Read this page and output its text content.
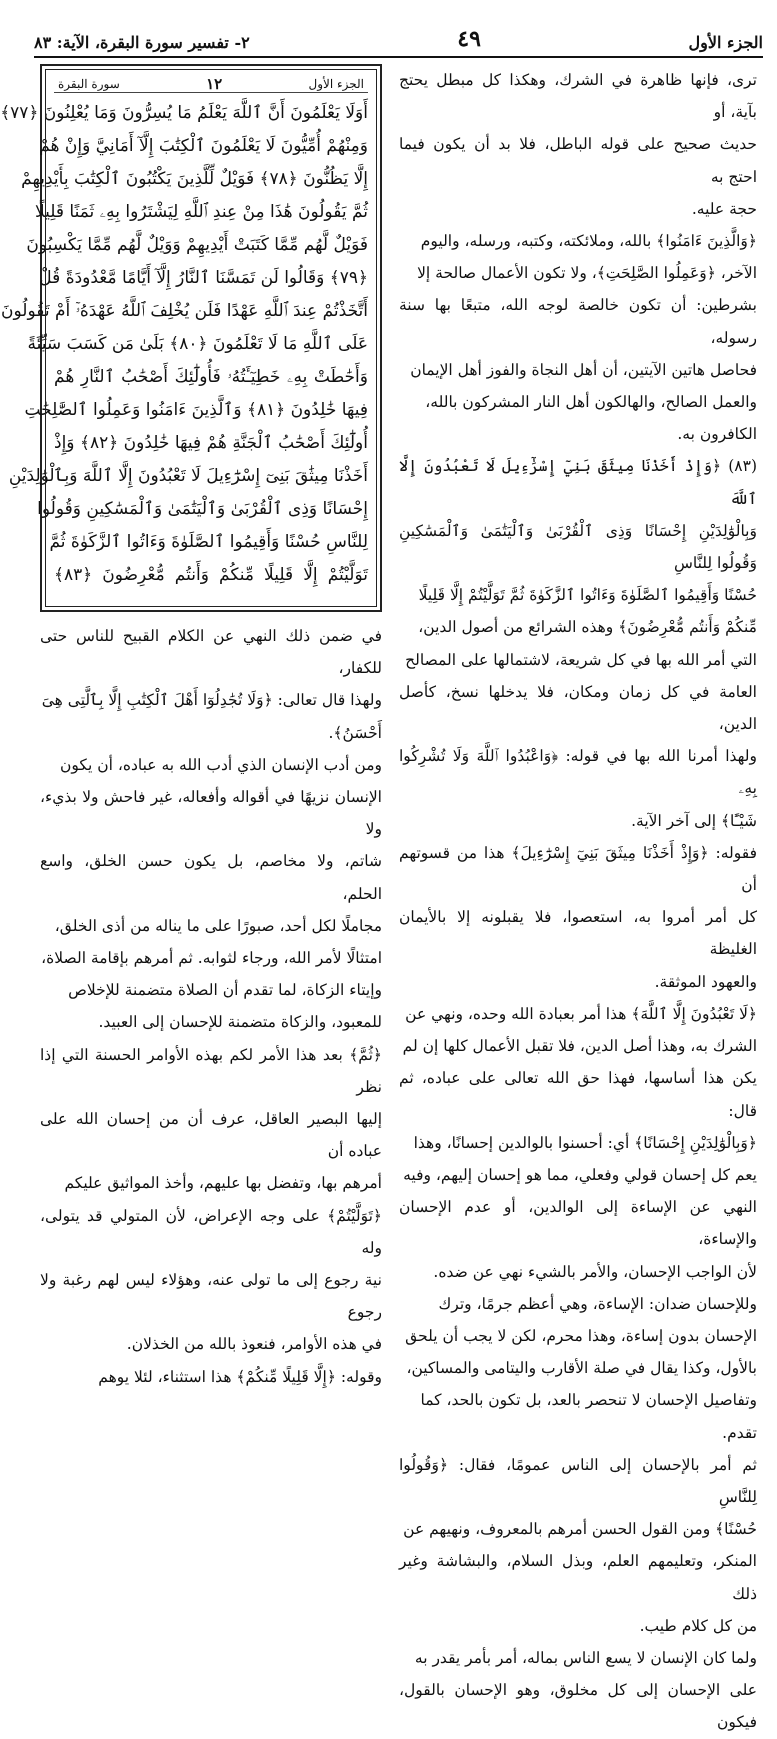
الجزء الأول
٤٩
٢- تفسير سورة البقرة، الآية: ٨٣

ترى، فإنها ظاهرة في الشرك، وهكذا كل مبطل يحتج بآية، أو

حديث صحيح على قوله الباطل، فلا بد أن يكون فيما احتج به

حجة عليه.

﴿وَالَّذِينَ ءَامَنُوا﴾ بالله، وملائكته، وكتبه، ورسله، واليوم

الآخر، ﴿وَعَمِلُوا الصَّلِحَتِ﴾، ولا تكون الأعمال صالحة إلا

بشرطين: أن تكون خالصة لوجه الله، متبعًا بها سنة رسوله،

فحاصل هاتين الآيتين، أن أهل النجاة والفوز أهل الإيمان

والعمل الصالح، والهالكون أهل النار المشركون بالله،

الكافرون به.

(٨٣) ﴿وَإِذْ أَخَذْنَا مِيثَقَ بَنِيٓ إِسْرَٰٓءِيلَ لَا تَعْبُدُونَ إِلَّا ٱللَّهَ

وَبِالْوَٰلِدَيْنِ إِحْسَانًا وَذِى ٱلْقُرْبَىٰ وَٱلْيَتَٰمَىٰ وَٱلْمَسَٰكِينِ وَقُولُوا لِلنَّاسِ

حُسْنًا وَأَقِيمُوا ٱلصَّلَوٰةَ وَءَاتُوا ٱلزَّكَوٰةَ ثُمَّ تَوَلَّيْتُمْ إِلَّا قَلِيلًا

مِّنكُمْ وَأَنتُم مُّعْرِضُونَ﴾ وهذه الشرائع من أصول الدين،

التي أمر الله بها في كل شريعة، لاشتمالها على المصالح

العامة في كل زمان ومكان، فلا يدخلها نسخ، كأصل الدين،

ولهذا أمرنا الله بها في قوله: ﴿وَاعْبُدُوا ٱللَّهَ وَلَا تُشْرِكُوا بِهِۦ

شَيْـًٔا﴾ إلى آخر الآية.

فقوله: ﴿وَإِذْ أَخَذْنَا مِيثَقَ بَنِيٓ إِسْرَٰٓءِيلَ﴾ هذا من قسوتهم أن

كل أمر أمروا به، استعصوا، فلا يقبلونه إلا بالأيمان الغليظة

والعهود الموثقة.

﴿لَا تَعْبُدُونَ إِلَّا ٱللَّهَ﴾ هذا أمر بعبادة الله وحده، ونهي عن

الشرك به، وهذا أصل الدين، فلا تقبل الأعمال كلها إن لم

يكن هذا أساسها، فهذا حق الله تعالى على عباده، ثم قال:

﴿وَبِالْوَٰلِدَيْنِ إِحْسَانًا﴾ أي: أحسنوا بالوالدين إحسانًا، وهذا

يعم كل إحسان قولي وفعلي، مما هو إحسان إليهم، وفيه

النهي عن الإساءة إلى الوالدين، أو عدم الإحسان والإساءة،

لأن الواجب الإحسان، والأمر بالشيء نهي عن ضده.

وللإحسان ضدان: الإساءة، وهي أعظم جرمًا، وترك

الإحسان بدون إساءة، وهذا محرم، لكن لا يجب أن يلحق

بالأول، وكذا يقال في صلة الأقارب واليتامى والمساكين،

وتفاصيل الإحسان لا تنحصر بالعد، بل تكون بالحد، كما

تقدم.

ثم أمر بالإحسان إلى الناس عمومًا، فقال: ﴿وَقُولُوا لِلنَّاسِ

حُسْنًا﴾ ومن القول الحسن أمرهم بالمعروف، ونهيهم عن

المنكر، وتعليمهم العلم، وبذل السلام، والبشاشة وغير ذلك

من كل كلام طيب.

ولما كان الإنسان لا يسع الناس بماله، أمر بأمر يقدر به

على الإحسان إلى كل مخلوق، وهو الإحسان بالقول، فيكون

الجزء الأول
١٢
سورة البقرة
أَوَلَا يَعْلَمُونَ أَنَّ ٱللَّهَ يَعْلَمُ مَا يُسِرُّونَ وَمَا يُعْلِنُونَ ﴿٧٧﴾
وَمِنْهُمْ أُمِّيُّونَ لَا يَعْلَمُونَ ٱلْكِتَٰبَ إِلَّآ أَمَانِيَّ وَإِنْ هُمْ
إِلَّا يَظُنُّونَ ﴿٧٨﴾ فَوَيْلٌ لِّلَّذِينَ يَكْتُبُونَ ٱلْكِتَٰبَ بِأَيْدِيهِمْ
ثُمَّ يَقُولُونَ هَٰذَا مِنْ عِندِ ٱللَّهِ لِيَشْتَرُوا بِهِۦ ثَمَنًا قَلِيلًا
فَوَيْلٌ لَّهُم مِّمَّا كَتَبَتْ أَيْدِيهِمْ وَوَيْلٌ لَّهُم مِّمَّا يَكْسِبُونَ
﴿٧٩﴾ وَقَالُوا لَن تَمَسَّنَا ٱلنَّارُ إِلَّآ أَيَّامًا مَّعْدُودَةً قُلْ
أَتَّخَذْتُمْ عِندَ ٱللَّهِ عَهْدًا فَلَن يُخْلِفَ ٱللَّهُ عَهْدَهُۥٓ أَمْ تَقُولُونَ
عَلَى ٱللَّهِ مَا لَا تَعْلَمُونَ ﴿٨٠﴾ بَلَىٰ مَن كَسَبَ سَيِّئَةً
وَأَحَٰطَتْ بِهِۦ خَطِيٓـَٔتُهُۥ فَأُولَٰٓئِكَ أَصْحَٰبُ ٱلنَّارِ هُمْ
فِيهَا خَٰلِدُونَ ﴿٨١﴾ وَٱلَّذِينَ ءَامَنُوا وَعَمِلُوا ٱلصَّٰلِحَٰتِ
أُولَٰٓئِكَ أَصْحَٰبُ ٱلْجَنَّةِ هُمْ فِيهَا خَٰلِدُونَ ﴿٨٢﴾ وَإِذْ
أَخَذْنَا مِيثَٰقَ بَنِىٓ إِسْرَٰٓءِيلَ لَا تَعْبُدُونَ إِلَّا ٱللَّهَ وَبِٱلْوَٰلِدَيْنِ
إِحْسَانًا وَذِى ٱلْقُرْبَىٰ وَٱلْيَتَٰمَىٰ وَٱلْمَسَٰكِينِ وَقُولُوا
لِلنَّاسِ حُسْنًا وَأَقِيمُوا ٱلصَّلَوٰةَ وَءَاتُوا ٱلزَّكَوٰةَ ثُمَّ
تَوَلَّيْتُمْ إِلَّا قَلِيلًا مِّنكُمْ وَأَنتُم مُّعْرِضُونَ ﴿٨٣﴾

في ضمن ذلك النهي عن الكلام القبيح للناس حتى للكفار،

ولهذا قال تعالى: ﴿وَلَا تُجَٰدِلُوٓا أَهْلَ ٱلْكِتَٰبِ إِلَّا بِٱلَّتِى هِىَ

أَحْسَنُ﴾.

ومن أدب الإنسان الذي أدب الله به عباده، أن يكون

الإنسان نزيهًا في أقواله وأفعاله، غير فاحش ولا بذيء، ولا

شاتم، ولا مخاصم، بل يكون حسن الخلق، واسع الحلم،

مجاملًا لكل أحد، صبورًا على ما يناله من أذى الخلق،

امتثالًا لأمر الله، ورجاء لثوابه. ثم أمرهم بإقامة الصلاة،

وإيتاء الزكاة، لما تقدم أن الصلاة متضمنة للإخلاص

للمعبود، والزكاة متضمنة للإحسان إلى العبيد.

﴿ثُمَّ﴾ بعد هذا الأمر لكم بهذه الأوامر الحسنة التي إذا نظر

إليها البصير العاقل، عرف أن من إحسان الله على عباده أن

أمرهم بها، وتفضل بها عليهم، وأخذ المواثيق عليكم

﴿تَوَلَّيْتُمْ﴾ على وجه الإعراض، لأن المتولي قد يتولى، وله

نية رجوع إلى ما تولى عنه، وهؤلاء ليس لهم رغبة ولا رجوع

في هذه الأوامر، فنعوذ بالله من الخذلان.

وقوله: ﴿إِلَّا قَلِيلًا مِّنكُمْ﴾ هذا استثناء، لئلا يوهم
